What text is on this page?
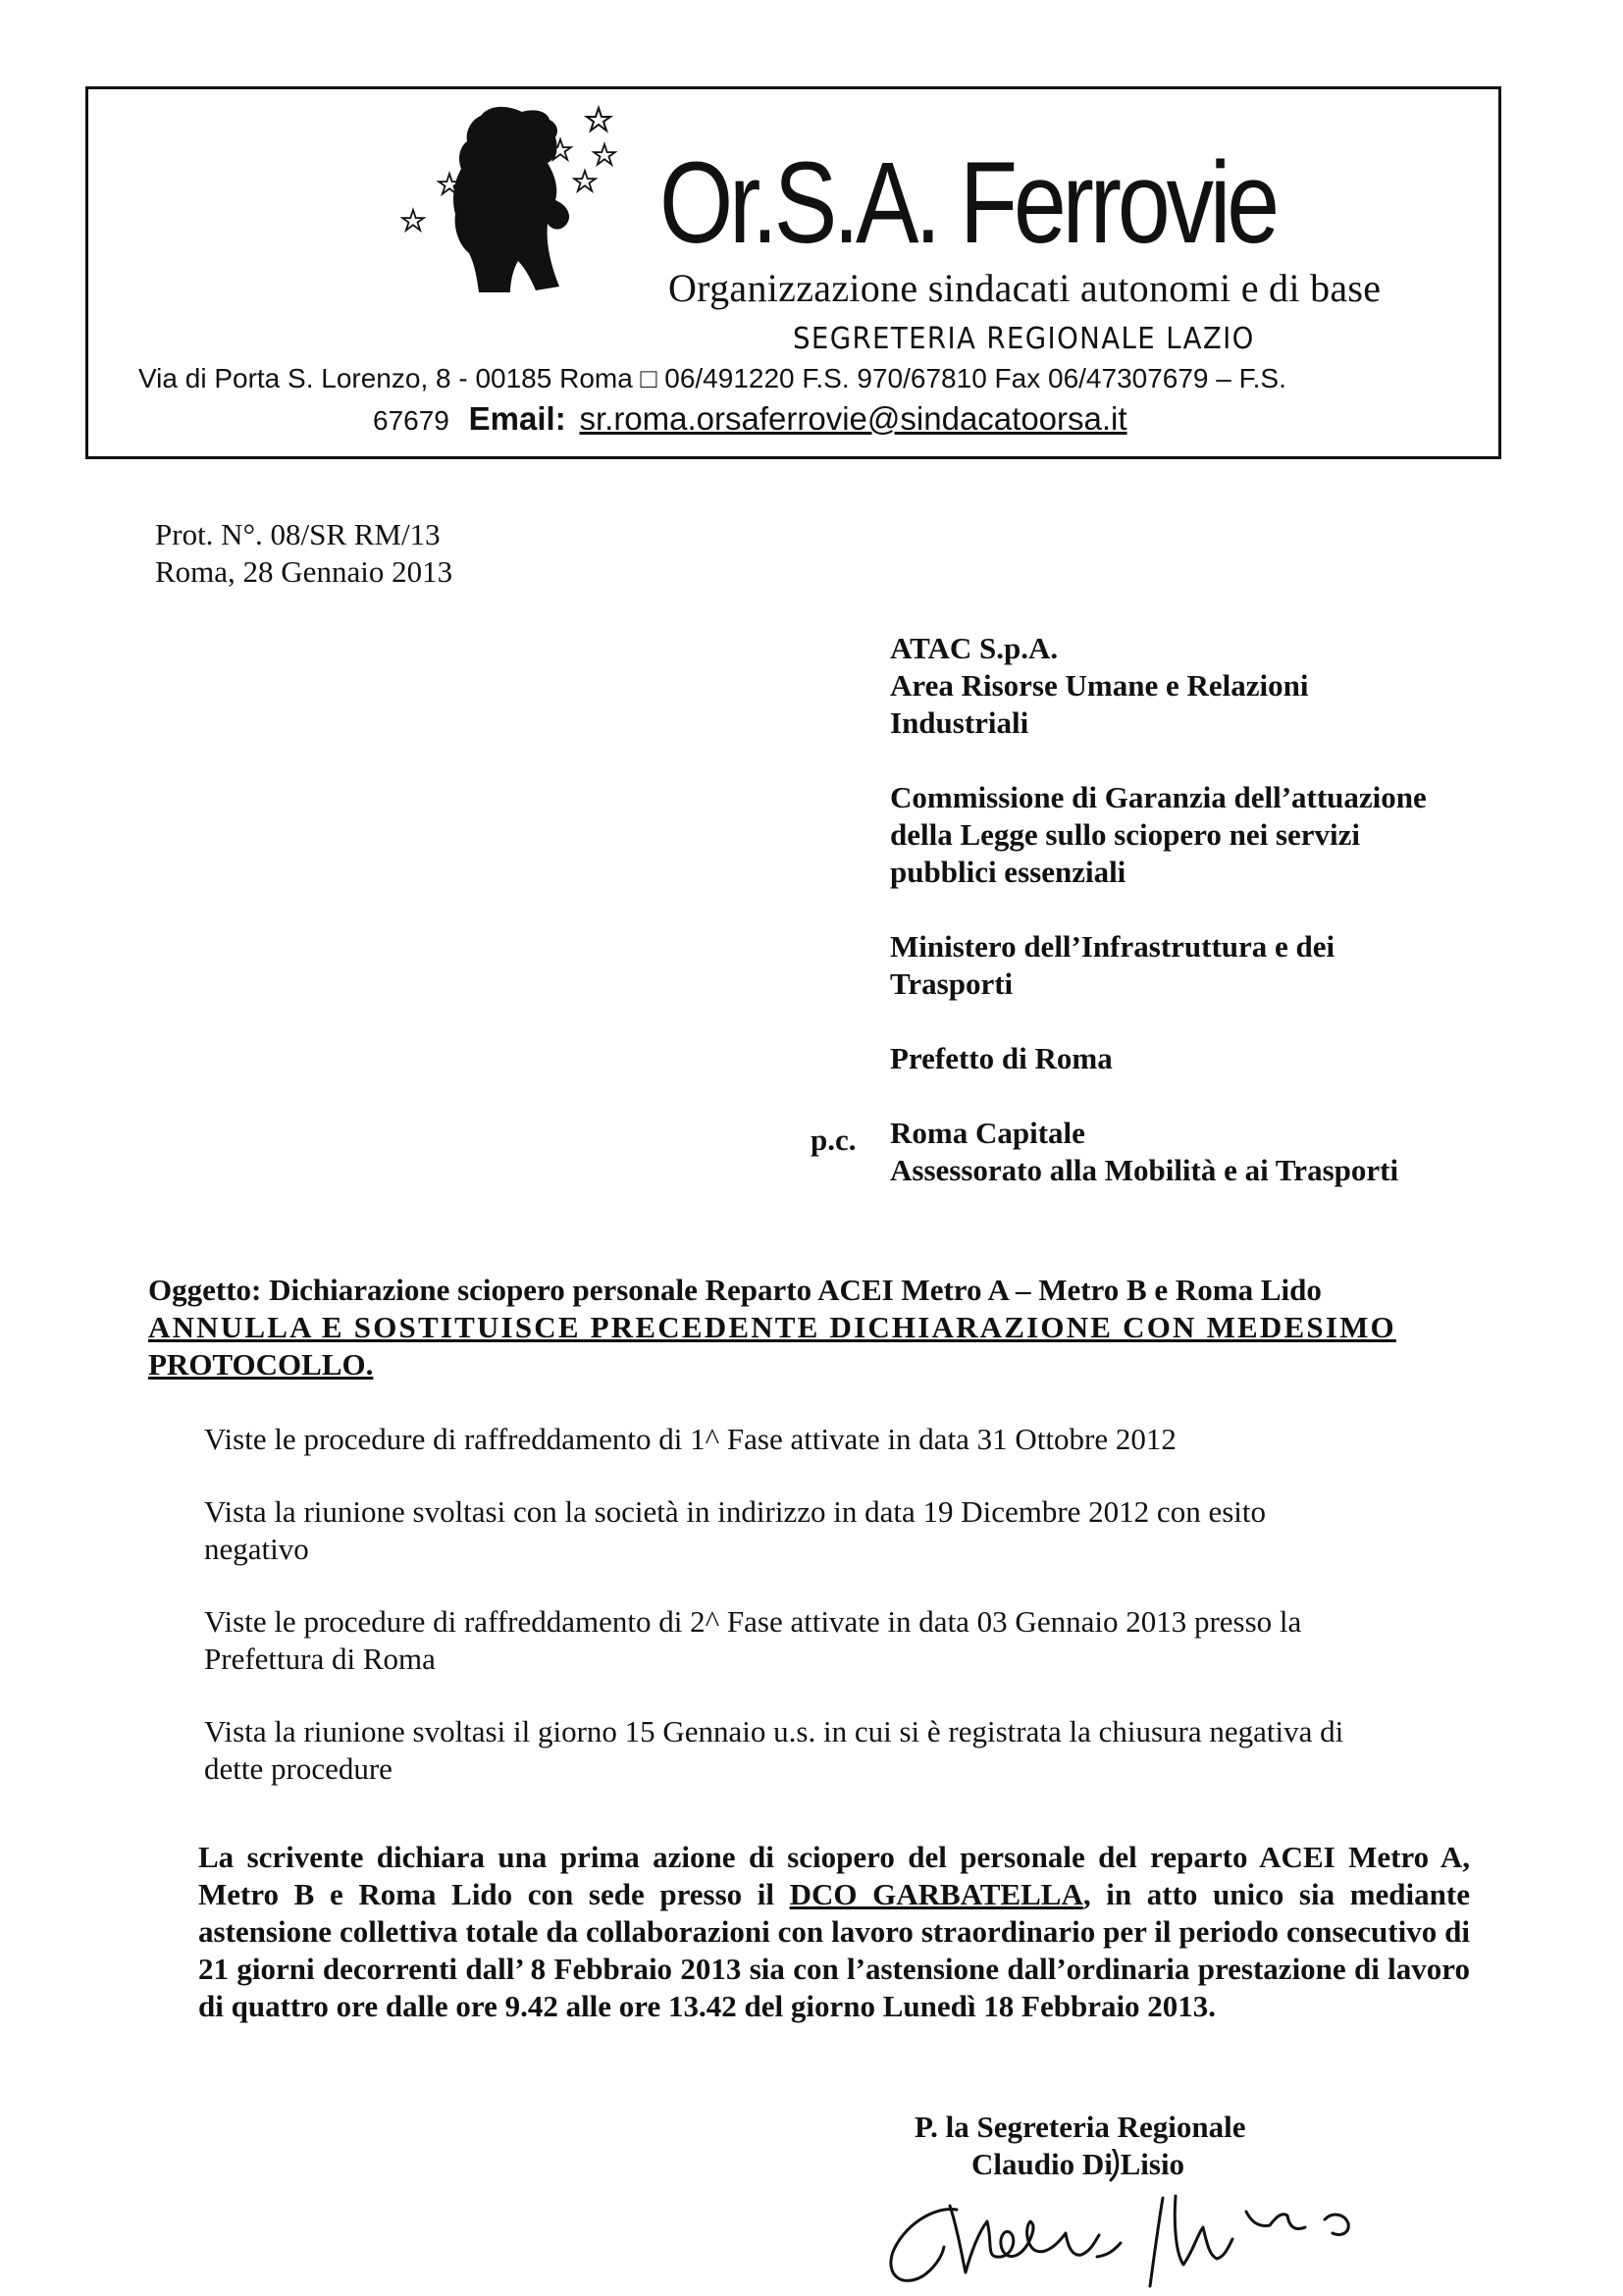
Or.S.A. Ferrovie
Organizzazione sindacati autonomi e di base
SEGRETERIA REGIONALE LAZIO
Via di Porta S. Lorenzo, 8 - 00185 Roma □ 06/491220 F.S. 970/67810 Fax 06/47307679 – F.S.
67679 Email: sr.roma.orsaferrovie@sindacatoorsa.it
Prot. N°. 08/SR RM/13
Roma, 28 Gennaio 2013
ATAC S.p.A.
Area Risorse Umane e Relazioni
Industriali
Commissione di Garanzia dell’attuazione
della Legge sullo sciopero nei servizi
pubblici essenziali
Ministero dell’Infrastruttura e dei
Trasporti
Prefetto di Roma
Roma Capitale
Assessorato alla Mobilità e ai Trasporti
p.c.
Oggetto: Dichiarazione sciopero personale Reparto ACEI Metro A – Metro B e Roma Lido
ANNULLA E SOSTITUISCE PRECEDENTE DICHIARAZIONE CON MEDESIMO
PROTOCOLLO.
Viste le procedure di raffreddamento di 1^ Fase attivate in data 31 Ottobre 2012
Vista la riunione svoltasi con la società in indirizzo in data 19 Dicembre 2012 con esito
negativo
Viste le procedure di raffreddamento di 2^ Fase attivate in data 03 Gennaio 2013 presso la
Prefettura di Roma
Vista la riunione svoltasi il giorno 15 Gennaio u.s. in cui si è registrata la chiusura negativa di
dette procedure
La scrivente dichiara una prima azione di sciopero del personale del reparto ACEI Metro A, Metro B e Roma Lido con sede presso il DCO GARBATELLA, in atto unico sia mediante astensione collettiva totale da collaborazioni con lavoro straordinario per il periodo consecutivo di 21 giorni decorrenti dall’ 8 Febbraio 2013 sia con l’astensione dall’ordinaria prestazione di lavoro di quattro ore dalle ore 9.42 alle ore 13.42 del giorno Lunedì 18 Febbraio 2013.
P. la Segreteria Regionale
Claudio Di Lisio
